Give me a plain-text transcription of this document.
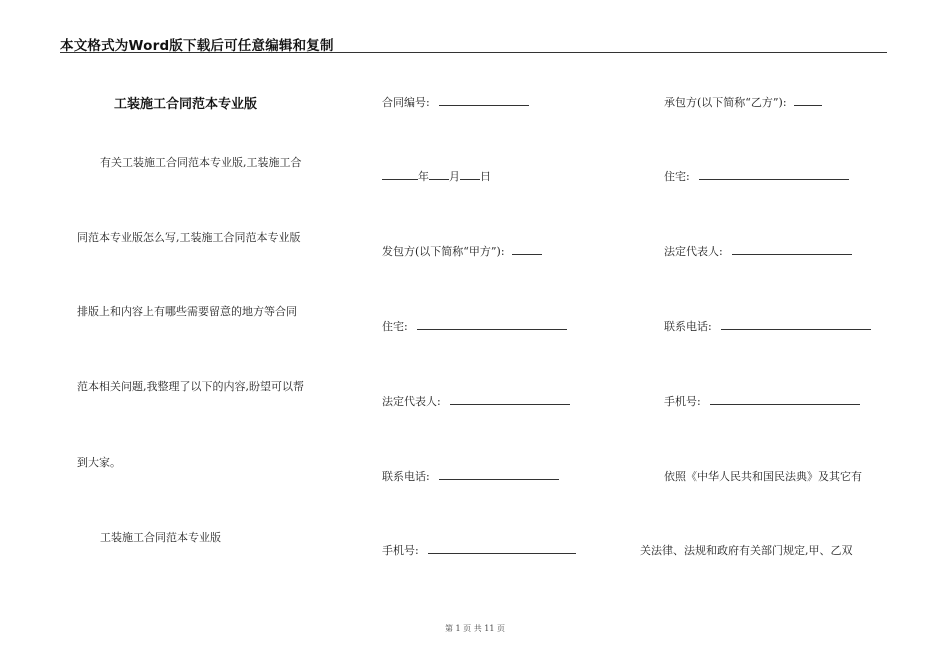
本文格式为Word版下载后可任意编辑和复制
工装施工合同范本专业版
有关工装施工合同范本专业版,工装施工合
同范本专业版怎么写,工装施工合同范本专业版
排版上和内容上有哪些需要留意的地方等合同
范本相关问题,我整理了以下的内容,盼望可以帮
到大家。
工装施工合同范本专业版
合同编号:
年 月 日
发包方(以下简称“甲方”):
住宅:
法定代表人:
联系电话:
手机号:
承包方(以下简称“乙方”):
住宅:
法定代表人:
联系电话:
手机号:
依照《中华人民共和国民法典》及其它有
关法律、法规和政府有关部门规定,甲、乙双
第 1 页 共 11 页
